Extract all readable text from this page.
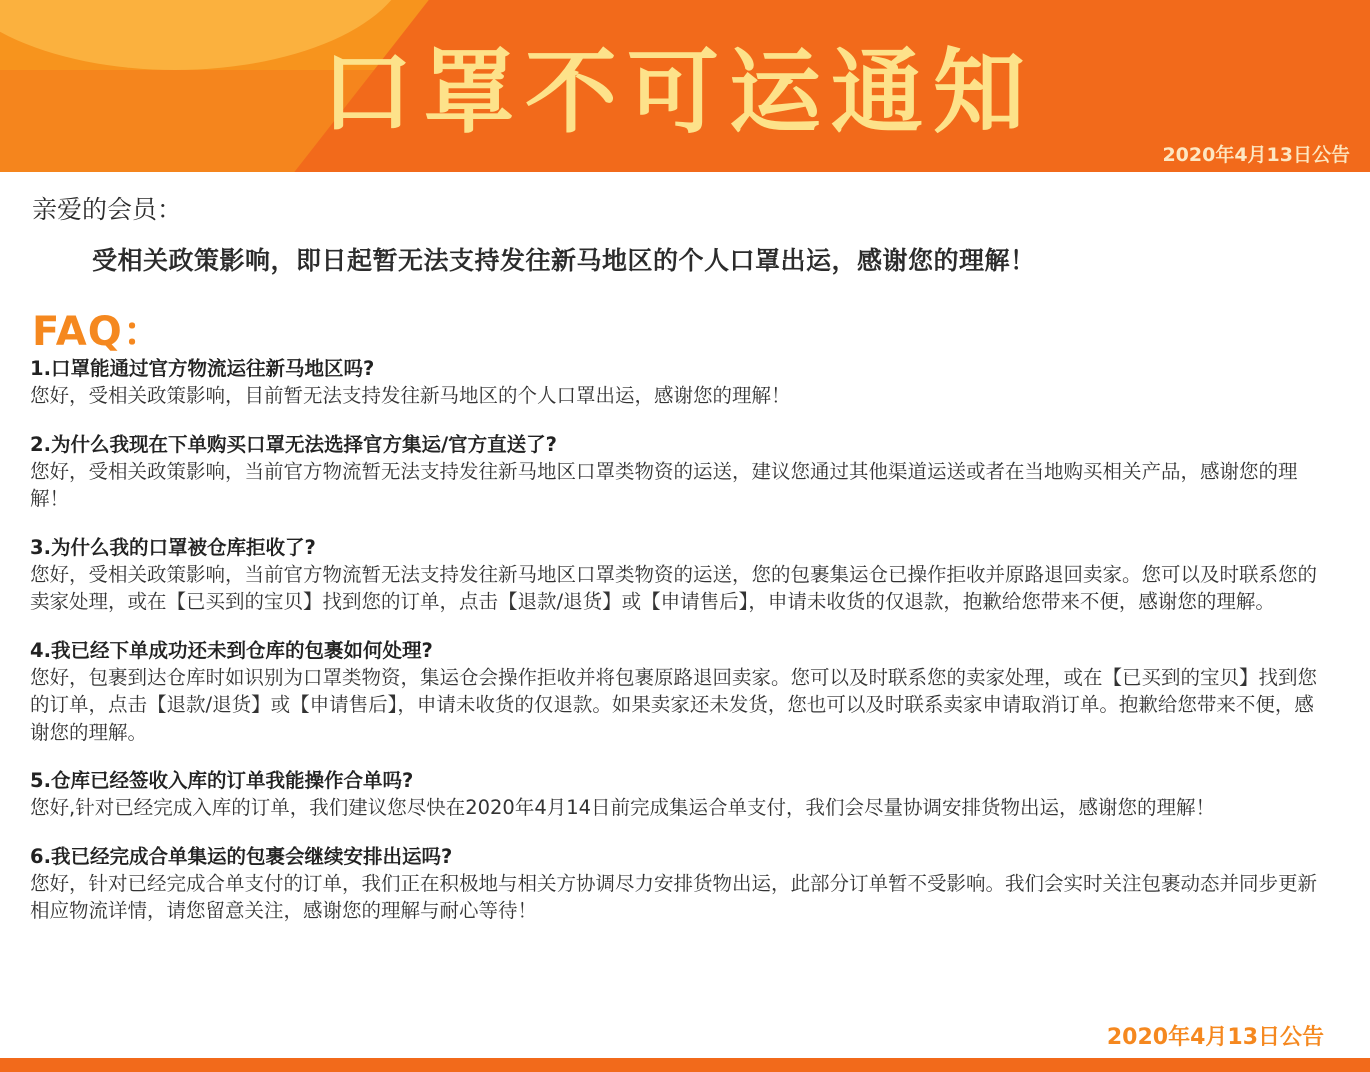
口罩不可运通知
2020年4月13日公告
亲爱的会员：
受相关政策影响，即日起暂无法支持发往新马地区的个人口罩出运，感谢您的理解！
FAQ：
1.口罩能通过官方物流运往新马地区吗?
您好，受相关政策影响，目前暂无法支持发往新马地区的个人口罩出运，感谢您的理解！
2.为什么我现在下单购买口罩无法选择官方集运/官方直送了?
您好，受相关政策影响，当前官方物流暂无法支持发往新马地区口罩类物资的运送，建议您通过其他渠道运送或者在当地购买相关产品，感谢您的理解！
3.为什么我的口罩被仓库拒收了?
您好，受相关政策影响，当前官方物流暂无法支持发往新马地区口罩类物资的运送，您的包裹集运仓已操作拒收并原路退回卖家。您可以及时联系您的卖家处理，或在【已买到的宝贝】找到您的订单，点击【退款/退货】或【申请售后】，申请未收货的仅退款，抱歉给您带来不便，感谢您的理解。
4.我已经下单成功还未到仓库的包裹如何处理?
您好，包裹到达仓库时如识别为口罩类物资，集运仓会操作拒收并将包裹原路退回卖家。您可以及时联系您的卖家处理，或在【已买到的宝贝】找到您的订单，点击【退款/退货】或【申请售后】，申请未收货的仅退款。如果卖家还未发货，您也可以及时联系卖家申请取消订单。抱歉给您带来不便，感谢您的理解。
5.仓库已经签收入库的订单我能操作合单吗?
您好,针对已经完成入库的订单，我们建议您尽快在2020年4月14日前完成集运合单支付，我们会尽量协调安排货物出运，感谢您的理解！
6.我已经完成合单集运的包裹会继续安排出运吗?
您好，针对已经完成合单支付的订单，我们正在积极地与相关方协调尽力安排货物出运，此部分订单暂不受影响。我们会实时关注包裹动态并同步更新相应物流详情，请您留意关注，感谢您的理解与耐心等待！
2020年4月13日公告
